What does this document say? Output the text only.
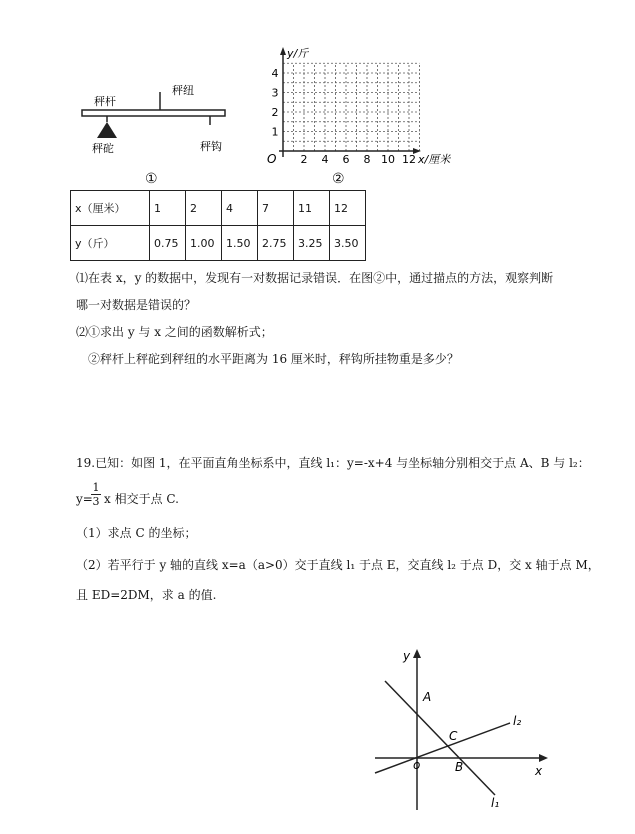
秤纽
秤杆
秤砣	秤钩
y/斤
x/厘米
O 2 4 6 8 10 12
1
2
3
4
①	②
x（厘米）	1	2	4	7	11	12
y（斤）	0.75	1.00	1.50	2.75	3.25	3.50
⑴在表 x，y 的数据中，发现有一对数据记录错误．在图②中，通过描点的方法，观察判断
哪一对数据是错误的？
⑵①求出 y 与 x 之间的函数解析式；
②秤杆上秤砣到秤纽的水平距离为 16 厘米时，秤钩所挂物重是多少？
19.已知：如图 1，在平面直角坐标系中，直线 l₁：y=-x+4 与坐标轴分别相交于点 A、B 与 l₂：
y=
$\frac{1}{3}$ x 相交于点 C.
（1）求点 C 的坐标；
（2）若平行于 y 轴的直线 x=a（a>0）交于直线 l₁ 于点 E，交直线 l₂ 于点 D，交 x 轴于点 M，
且 ED=2DM，求 a 的值.
y
x
o
A
B
C
l₁
l₂
